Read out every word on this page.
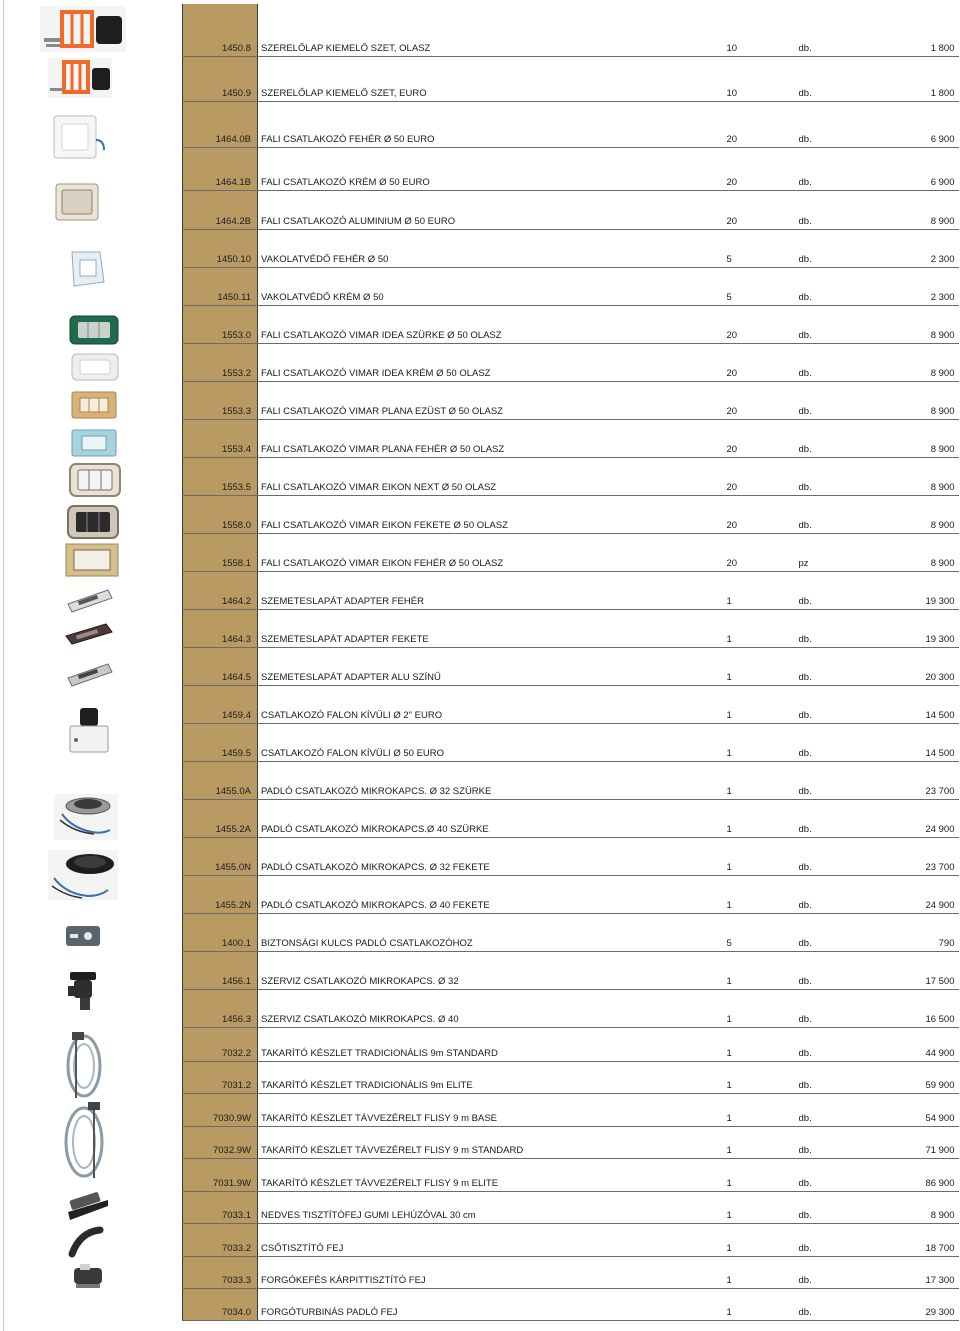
1450.8	SZERELŐLAP KIEMELŐ SZET, OLASZ	10	db.	1 800
1450.9	SZERELŐLAP KIEMELŐ SZET, EURO	10	db.	1 800
1464.0B	FALI CSATLAKOZÓ FEHÉR Ø 50 EURO	20	db.	6 900
1464.1B	FALI CSATLAKOZÓ KRÉM Ø 50 EURO	20	db.	6 900
1464.2B	FALI CSATLAKOZÓ ALUMINIUM Ø 50 EURO	20	db.	8 900
1450.10	VAKOLATVÉDŐ FEHÉR Ø 50	5	db.	2 300
1450.11	VAKOLATVÉDŐ KRÉM Ø 50	5	db.	2 300
1553.0	FALI CSATLAKOZÓ VIMAR IDEA SZÜRKE Ø 50 OLASZ	20	db.	8 900
1553.2	FALI CSATLAKOZÓ VIMAR IDEA KRÉM Ø 50 OLASZ	20	db.	8 900
1553.3	FALI CSATLAKOZÓ VIMAR PLANA EZÜST Ø 50 OLASZ	20	db.	8 900
1553.4	FALI CSATLAKOZÓ VIMAR PLANA FEHÉR Ø 50 OLASZ	20	db.	8 900
1553.5	FALI CSATLAKOZÓ VIMAR EIKON NEXT Ø 50 OLASZ	20	db.	8 900
1558.0	FALI CSATLAKOZÓ VIMAR EIKON FEKETE Ø 50 OLASZ	20	db.	8 900
1558.1	FALI CSATLAKOZÓ VIMAR EIKON FEHÉR Ø 50 OLASZ	20	pz	8 900
1464.2	SZEMETESLAPÁT ADAPTER FEHÉR	1	db.	19 300
1464.3	SZEMETESLAPÁT ADAPTER FEKETE	1	db.	19 300
1464.5	SZEMETESLAPÁT ADAPTER ALU SZÍNŰ	1	db.	20 300
1459.4	CSATLAKOZÓ FALON KÍVÜLI Ø 2" EURO	1	db.	14 500
1459.5	CSATLAKOZÓ FALON KÍVÜLI Ø 50 EURO	1	db.	14 500
1455.0A	PADLÓ CSATLAKOZÓ MIKROKAPCS. Ø 32 SZÜRKE	1	db.	23 700
1455.2A	PADLÓ CSATLAKOZÓ MIKROKAPCS.Ø 40 SZÜRKE	1	db.	24 900
1455.0N	PADLÓ CSATLAKOZÓ MIKROKAPCS. Ø 32 FEKETE	1	db.	23 700
1455.2N	PADLÓ CSATLAKOZÓ MIKROKAPCS. Ø 40 FEKETE	1	db.	24 900
1400.1	BIZTONSÁGI KULCS PADLÓ CSATLAKOZÓHOZ	5	db.	790
1456.1	SZERVIZ CSATLAKOZÓ MIKROKAPCS. Ø 32	1	db.	17 500
1456.3	SZERVIZ CSATLAKOZÓ MIKROKAPCS. Ø 40	1	db.	16 500
7032.2	TAKARÍTÓ KÉSZLET TRADICIONÁLIS 9m STANDARD	1	db.	44 900
7031.2	TAKARÍTÓ KÉSZLET TRADICIONÁLIS 9m ELITE	1	db.	59 900
7030.9W	TAKARÍTÓ KÉSZLET TÁVVEZÉRELT FLISY 9 m BASE	1	db.	54 900
7032.9W	TAKARÍTÓ KÉSZLET TÁVVEZÉRELT FLISY 9 m STANDARD	1	db.	71 900
7031.9W	TAKARÍTÓ KÉSZLET TÁVVEZÉRELT FLISY 9 m ELITE	1	db.	86 900
7033.1	NEDVES TISZTÍTÓFEJ GUMI LEHÚZÓVAL 30 cm	1	db.	8 900
7033.2	CSŐTISZTÍTÓ FEJ	1	db.	18 700
7033.3	FORGÓKEFÉS KÁRPITTISZTÍTÓ FEJ	1	db.	17 300
7034.0	FORGÓTURBINÁS PADLÓ FEJ	1	db.	29 300
